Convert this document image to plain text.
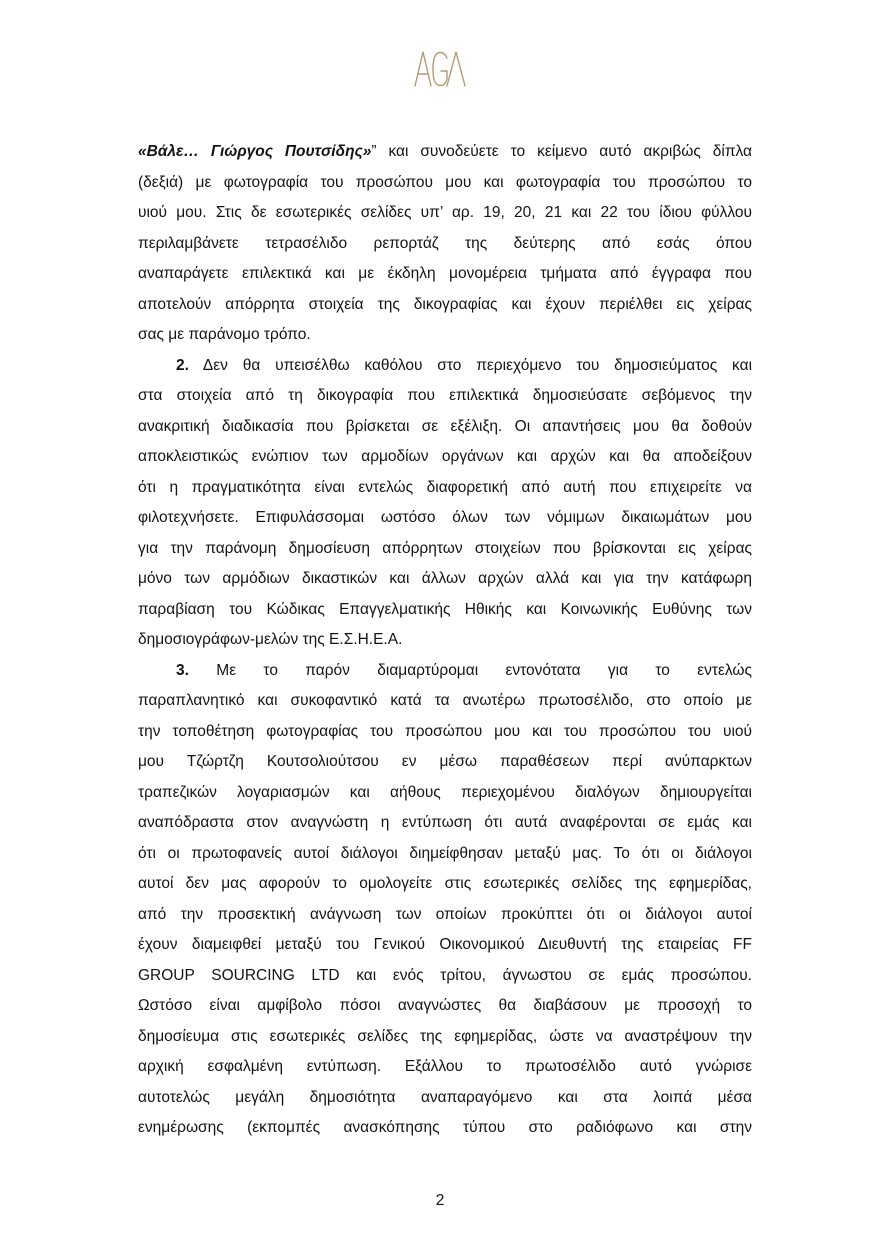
«Βάλε… Γιώργος Πουτσίδης»” και συνοδεύετε το κείμενο αυτό ακριβώς δίπλα
(δεξιά) με φωτογραφία του προσώπου μου και φωτογραφία του προσώπου το
υιού μου. Στις δε εσωτερικές σελίδες υπ’ αρ. 19, 20, 21 και 22 του ίδιου φύλλου
περιλαμβάνετε τετρασέλιδο ρεπορτάζ της δεύτερης από εσάς όπου
αναπαράγετε επιλεκτικά και με έκδηλη μονομέρεια τμήματα από έγγραφα που
αποτελούν απόρρητα στοιχεία της δικογραφίας και έχουν περιέλθει εις χείρας
σας με παράνομο τρόπο.
2. Δεν θα υπεισέλθω καθόλου στο περιεχόμενο του δημοσιεύματος και
στα στοιχεία από τη δικογραφία που επιλεκτικά δημοσιεύσατε σεβόμενος την
ανακριτική διαδικασία που βρίσκεται σε εξέλιξη. Οι απαντήσεις μου θα δοθούν
αποκλειστικώς ενώπιον των αρμοδίων οργάνων και αρχών και θα αποδείξουν
ότι η πραγματικότητα είναι εντελώς διαφορετική από αυτή που επιχειρείτε να
φιλοτεχνήσετε. Επιφυλάσσομαι ωστόσο όλων των νόμιμων δικαιωμάτων μου
για την παράνομη δημοσίευση απόρρητων στοιχείων που βρίσκονται εις χείρας
μόνο των αρμόδιων δικαστικών και άλλων αρχών αλλά και για την κατάφωρη
παραβίαση του Κώδικας Επαγγελματικής Ηθικής και Κοινωνικής Ευθύνης των
δημοσιογράφων-μελών της Ε.Σ.Η.Ε.Α.
3. Με το παρόν διαμαρτύρομαι εντονότατα για το εντελώς
παραπλανητικό και συκοφαντικό κατά τα ανωτέρω πρωτοσέλιδο, στο οποίο με
την τοποθέτηση φωτογραφίας του προσώπου μου και του προσώπου του υιού
μου Τζώρτζη Κουτσολιούτσου εν μέσω παραθέσεων περί ανύπαρκτων
τραπεζικών λογαριασμών και αήθους περιεχομένου διαλόγων δημιουργείται
αναπόδραστα στον αναγνώστη η εντύπωση ότι αυτά αναφέρονται σε εμάς και
ότι οι πρωτοφανείς αυτοί διάλογοι διημείφθησαν μεταξύ μας. Το ότι οι διάλογοι
αυτοί δεν μας αφορούν το ομολογείτε στις εσωτερικές σελίδες της εφημερίδας,
από την προσεκτική ανάγνωση των οποίων προκύπτει ότι οι διάλογοι αυτοί
έχουν διαμειφθεί μεταξύ του Γενικού Οικονομικού Διευθυντή της εταιρείας FF
GROUP SOURCING LTD και ενός τρίτου, άγνωστου σε εμάς προσώπου.
Ωστόσο είναι αμφίβολο πόσοι αναγνώστες θα διαβάσουν με προσοχή το
δημοσίευμα στις εσωτερικές σελίδες της εφημερίδας, ώστε να αναστρέψουν την
αρχική εσφαλμένη εντύπωση. Εξάλλου το πρωτοσέλιδο αυτό γνώρισε
αυτοτελώς μεγάλη δημοσιότητα αναπαραγόμενο και στα λοιπά μέσα
ενημέρωσης (εκπομπές ανασκόπησης τύπου στο ραδιόφωνο και στην
2
